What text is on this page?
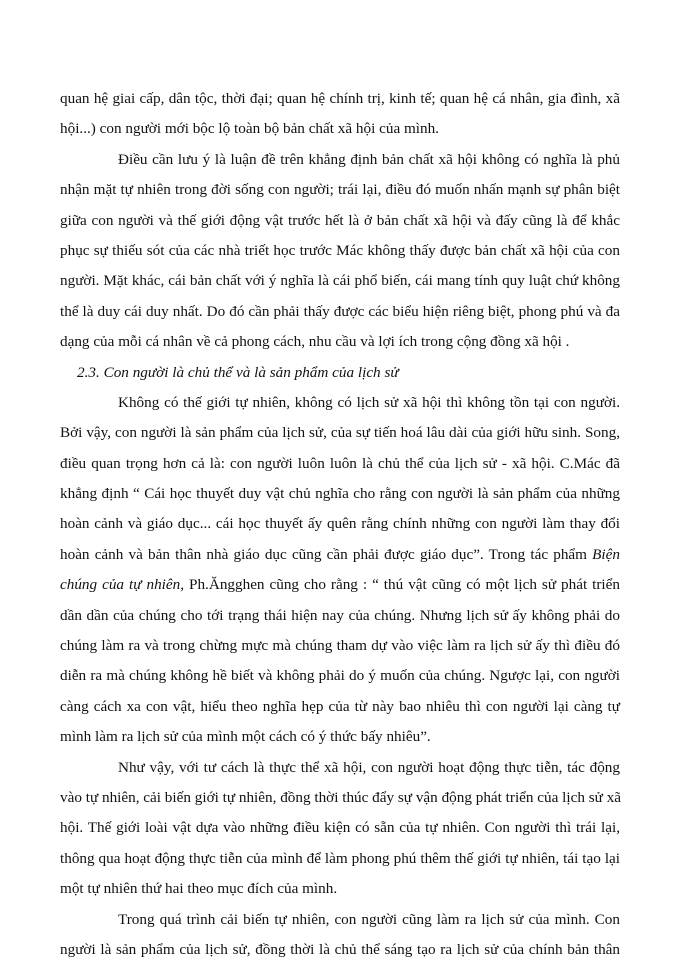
quan hệ giai cấp, dân tộc, thời đại; quan hệ chính trị, kinh tế; quan hệ cá nhân, gia đình, xã
hội...) con người mới bộc lộ toàn bộ bản chất xã hội của mình.
Điều cần lưu ý là luận đề trên khẳng định bản chất xã hội không có nghĩa là phủ
nhận mặt tự nhiên trong đời sống con người; trái lại, điều đó muốn nhấn mạnh sự phân biệt
giữa con người và thế giới động vật trước hết là ở bản chất xã hội và đấy cũng là để khắc
phục sự thiếu sót của các nhà triết học trước Mác không thấy được bản chất xã hội của con
người. Mặt khác, cái bản chất với ý nghĩa là cái phổ biến, cái mang tính quy luật chứ không
thể là duy cái duy nhất. Do đó cần phải thấy được các biểu hiện riêng biệt, phong phú và đa
dạng của mỗi cá nhân về cả phong cách, nhu cầu và lợi ích trong cộng đồng xã hội .
2.3. Con người là chủ thể và là sản phẩm của lịch sử
Không có thế giới tự nhiên, không có lịch sử xã hội thì không tồn tại con người.
Bởi vậy, con người là sản phẩm của lịch sử, của sự tiến hoá lâu dài của giới hữu sinh. Song,
điều quan trọng hơn cả là: con người luôn luôn là chủ thể của lịch sử - xã hội. C.Mác đã
khẳng định “ Cái học thuyết duy vật chủ nghĩa cho rằng con người là sản phẩm của những
hoàn cảnh và giáo dục... cái học thuyết ấy quên rằng chính những con người làm thay đổi
hoàn cảnh và bản thân nhà giáo dục cũng cần phải được giáo dục”. Trong tác phẩm Biện
chúng của tự nhiên, Ph.Ăngghen cũng cho rằng : “ thú vật cũng có một lịch sử phát triển
dần dần của chúng cho tới trạng thái hiện nay của chúng. Nhưng lịch sử ấy không phải do
chúng làm ra và trong chừng mực mà chúng tham dự vào việc làm ra lịch sử ấy thì điều đó
diễn ra mà chúng không hề biết và không phải do ý muốn của chúng. Ngược lại, con người
càng cách xa con vật, hiểu theo nghĩa hẹp của từ này bao nhiêu thì con người lại càng tự
mình làm ra lịch sử của mình một cách có ý thức bấy nhiêu”.
Như vậy, với tư cách là thực thể xã hội, con người hoạt động thực tiễn, tác động
vào tự nhiên, cải biến giới tự nhiên, đồng thời thúc đẩy sự vận động phát triển của lịch sử xã
hội. Thế giới loài vật dựa vào những điều kiện có sẵn của tự nhiên. Con người thì trái lại,
thông qua hoạt động thực tiễn của mình để làm phong phú thêm thế giới tự nhiên, tái tạo lại
một tự nhiên thứ hai theo mục đích của mình.
Trong quá trình cải biến tự nhiên, con người cũng làm ra lịch sử của mình. Con
người là sản phẩm của lịch sử, đồng thời là chủ thể sáng tạo ra lịch sử của chính bản thân
